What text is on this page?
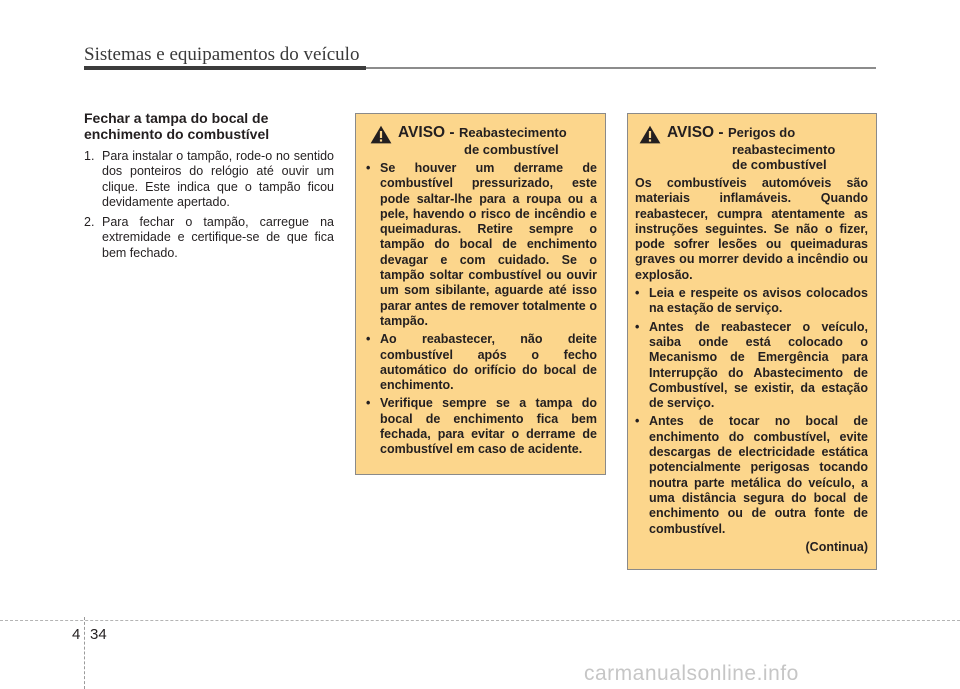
Sistemas e equipamentos do veículo
Fechar a tampa do bocal de enchimento do combustível
1. Para instalar o tampão, rode-o no sentido dos ponteiros do relógio até ouvir um clique. Este indica que o tampão ficou devidamente apertado.
2. Para fechar o tampão, carregue na extremidade e certifique-se de que fica bem fechado.
AVISO - Reabastecimento
de combustível
• Se houver um derrame de combustível pressurizado, este pode saltar-lhe para a roupa ou a pele, havendo o risco de incêndio e queimaduras. Retire sempre o tampão do bocal de enchimento devagar e com cuidado. Se o tampão soltar combustível ou ouvir um som sibilante, aguarde até isso parar antes de remover totalmente o tampão.
• Ao reabastecer, não deite combustível após o fecho automático do orifício do bocal de enchimento.
• Verifique sempre se a tampa do bocal de enchimento fica bem fechada, para evitar o derrame de combustível em caso de acidente.
AVISO - Perigos do
reabastecimento
de combustível

Os combustíveis automóveis são materiais inflamáveis. Quando reabastecer, cumpra atentamente as instruções seguintes. Se não o fizer, pode sofrer lesões ou queimaduras graves ou morrer devido a incêndio ou explosão.

• Leia e respeite os avisos colocados na estação de serviço.
• Antes de reabastecer o veículo, saiba onde está colocado o Mecanismo de Emergência para Interrupção do Abastecimento de Combustível, se existir, da estação de serviço.
• Antes de tocar no bocal de enchimento do combustível, evite descargas de electricidade estática potencialmente perigosas tocando noutra parte metálica do veículo, a uma distância segura do bocal de enchimento ou de outra fonte de combustível.
(Continua)
4 34
carmanualsonline.info
